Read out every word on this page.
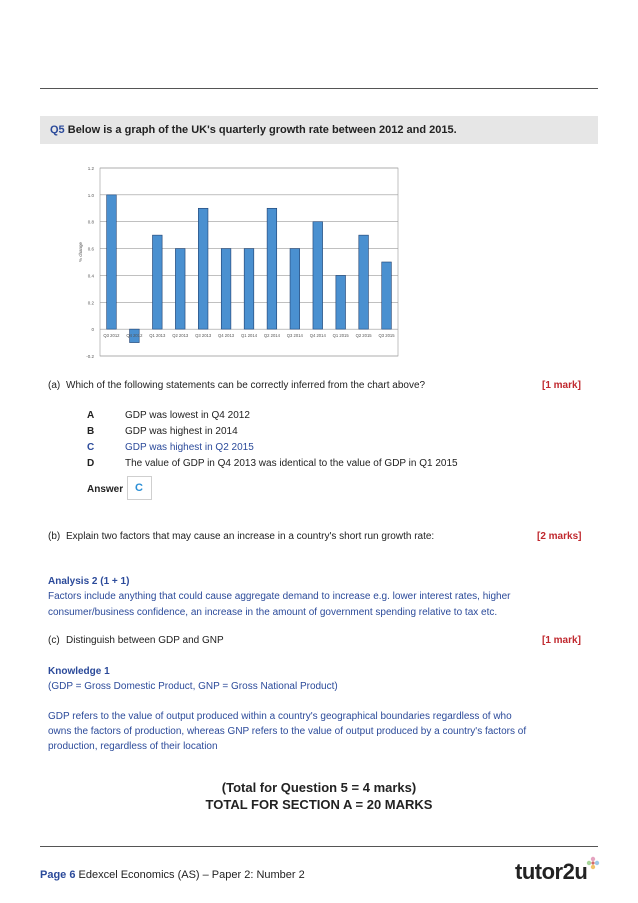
Q5 Below is a graph of the UK's quarterly growth rate between 2012 and 2015.
1.2
1.0
0.8
0.6
0.4
0.2
0
-0.2
% change
Q3 2012 Q4 2012 Q1 2013 Q2 2013 Q3 2013 Q4 2013 Q1 2014 Q2 2014 Q3 2014 Q4 2014 Q1 2015 Q2 2015 Q3 2015
(a) Which of the following statements can be correctly inferred from the chart above?	[1 mark]
A	GDP was lowest in Q4 2012
B	GDP was highest in 2014
C	GDP was highest in Q2 2015
D	The value of GDP in Q4 2013 was identical to the value of GDP in Q1 2015
Answer C
(b) Explain two factors that may cause an increase in a country's short run growth rate:	[2 marks]
Analysis 2 (1 + 1)
Factors include anything that could cause aggregate demand to increase e.g. lower interest rates, higher
consumer/business confidence, an increase in the amount of government spending relative to tax etc.
(c) Distinguish between GDP and GNP	[1 mark]
Knowledge 1
(GDP = Gross Domestic Product, GNP = Gross National Product)
GDP refers to the value of output produced within a country's geographical boundaries regardless of who
owns the factors of production, whereas GNP refers to the value of output produced by a country's factors of
production, regardless of their location
(Total for Question 5 = 4 marks)
TOTAL FOR SECTION A = 20 MARKS
Page 6 Edexcel Economics (AS) – Paper 2: Number 2	tutor2u
